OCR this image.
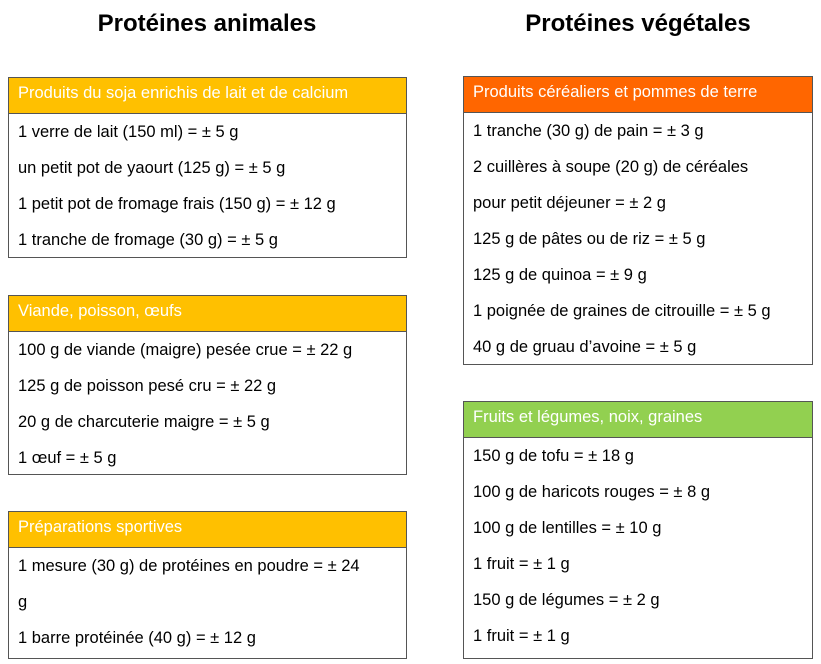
Protéines animales	Protéines végétales
Produits du soja enrichis de lait et de calcium
1 verre de lait (150 ml) = ± 5 g
un petit pot de yaourt (125 g) = ± 5 g
1 petit pot de fromage frais (150 g) = ± 12 g
1 tranche de fromage (30 g) = ± 5 g
Viande, poisson, œufs
100 g de viande (maigre) pesée crue = ± 22 g
125 g de poisson pesé cru = ± 22 g
20 g de charcuterie maigre = ± 5 g
1 œuf = ± 5 g
Préparations sportives
1 mesure (30 g) de protéines en poudre = ± 24
g
1 barre protéinée (40 g) = ± 12 g
Produits céréaliers et pommes de terre
1 tranche (30 g) de pain = ± 3 g
2 cuillères à soupe (20 g) de céréales
pour petit déjeuner = ± 2 g
125 g de pâtes ou de riz = ± 5 g
125 g de quinoa = ± 9 g
1 poignée de graines de citrouille = ± 5 g
40 g de gruau d’avoine = ± 5 g
Fruits et légumes, noix, graines
150 g de tofu = ± 18 g
100 g de haricots rouges = ± 8 g
100 g de lentilles = ± 10 g
1 fruit = ± 1 g
150 g de légumes = ± 2 g
1 fruit = ± 1 g
